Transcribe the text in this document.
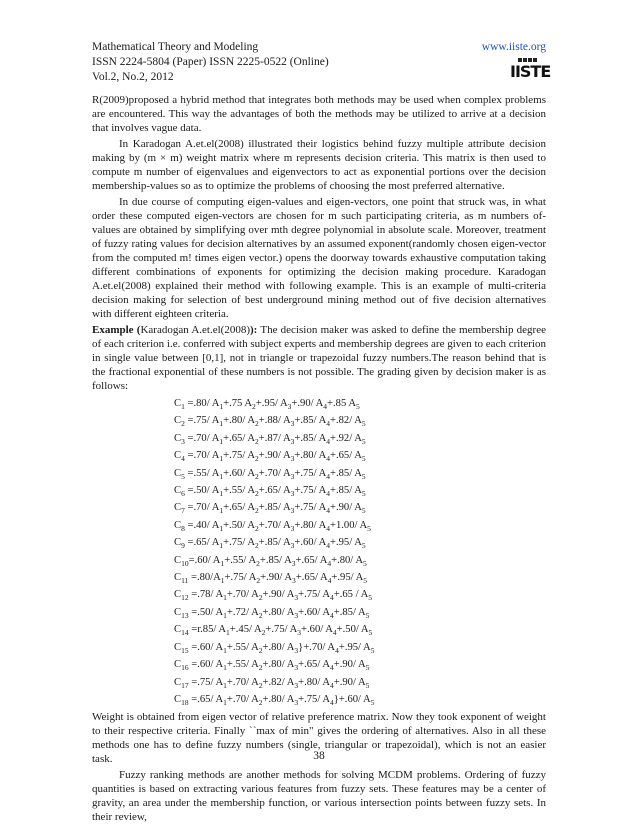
Mathematical Theory and Modeling	www.iiste.org
ISSN 2224-5804 (Paper) ISSN 2225-0522 (Online)
Vol.2, No.2, 2012	IISTE

R(2009)proposed a hybrid method that integrates both methods may be used when complex problems are encountered. This way the advantages of both the methods may be utilized to arrive at a decision that involves vague data.

In Karadogan A.et.el(2008) illustrated their logistics behind fuzzy multiple attribute decision making by (m × m) weight matrix where m represents decision criteria. This matrix is then used to compute m number of eigenvalues and eigenvectors to act as exponential portions over the decision membership-values so as to optimize the problems of choosing the most preferred alternative.

In due course of computing eigen-values and eigen-vectors, one point that struck was, in what order these computed eigen-vectors are chosen for m such participating criteria, as m numbers of-values are obtained by simplifying over mth degree polynomial in absolute scale. Moreover, treatment of fuzzy rating values for decision alternatives by an assumed exponent(randomly chosen eigen-vector from the computed m! times eigen vector.) opens the doorway towards exhaustive computation taking different combinations of exponents for optimizing the decision making procedure. Karadogan A.et.el(2008) explained their method with following example. This is an example of multi-criteria decision making for selection of best underground mining method out of five decision alternatives with different eighteen criteria.

Example (Karadogan A.et.el(2008)): The decision maker was asked to define the membership degree of each criterion i.e. conferred with subject experts and membership degrees are given to each criterion in single value between [0,1], not in triangle or trapezoidal fuzzy numbers.The reason behind that is the fractional exponential of these numbers is not possible. The grading given by decision maker is as follows:

$C_1 =.80/$ $A_1+.75$ $A_2+.95/$ $A_3+.90/$ $A_4+.85$ $A_5$
$C_2 =.75/$ $A_1+.80/$ $A_2+.88/$ $A_3+.85/$ $A_4+.82/$ $A_5$
$C_3 =.70/$ $A_1+.65/$ $A_2+.87/$ $A_3+.85/$ $A_4+.92/$ $A_5$
$C_4 =.70/$ $A_1+.75/$ $A_2+.90/$ $A_3+.80/$ $A_4+.65/$ $A_5$
$C_5 =.55/$ $A_1+.60/$ $A_2+.70/$ $A_3+.75/$ $A_4+.85/$ $A_5$
$C_6 =.50/$ $A_1+.55/$ $A_2+.65/$ $A_3+.75/$ $A_4+.85/$ $A_5$
$C_7 =.70/$ $A_1+.65/$ $A_2+.85/$ $A_3+.75/$ $A_4+.90/$ $A_5$
$C_8 =.40/$ $A_1+.50/$ $A_2+.70/$ $A_3+.80/$ $A_4+1.00/$ $A_5$
$C_9 =.65/$ $A_1+.75/$ $A_2+.85/$ $A_3+.60/$ $A_4+.95/$ $A_5$
$C_{10}=.60/$ $A_1+.55/$ $A_2+.85/$ $A_3+.65/$ $A_4+.80/$ $A_5$
$C_{11} =.80/A_1+.75/$ $A_2+.90/$ $A_3+.65/$ $A_4+.95/$ $A_5$
$C_{12} =.78/$ $A_1+.70/$ $A_2+.90/$ $A_3+.75/$ $A_4+.65 / A_5$
$C_{13} =.50/$ $A_1+.72/$ $A_2+.80/$ $A_3+.60/$ $A_4+.85/$ $A_5$
$C_{14} =r.85/$ $A_1+.45/$ $A_2+.75/$ $A_3+.60/$ $A_4+.50/$ $A_5$
$C_{15} =.60/$ $A_1+.55/$ $A_2+.80/$ $A_3\}+.70/$ $A_4+.95/$ $A_5$
$C_{16} =.60/$ $A_1+.55/$ $A_2+.80/$ $A_3+.65/$ $A_4+.90/$ $A_5$
$C_{17} =.75/$ $A_1+.70/$ $A_2+.82/$ $A_3+.80/$ $A_4+.90/$ $A_5$
$C_{18} =.65/$ $A_1+.70/$ $A_2+.80/$ $A_3+.75/$ $A_4\}+.60/$ $A_5$

Weight is obtained from eigen vector of relative preference matrix. Now they took exponent of weight to their respective criteria. Finally ``max of min" gives the ordering of alternatives. Also in all these methods one has to define fuzzy numbers (single, triangular or trapezoidal), which is not an easier task.

Fuzzy ranking methods are another methods for solving MCDM problems. Ordering of fuzzy quantities is based on extracting various features from fuzzy sets. These features may be a center of gravity, an area under the membership function, or various intersection points between fuzzy sets. In their review,

38
